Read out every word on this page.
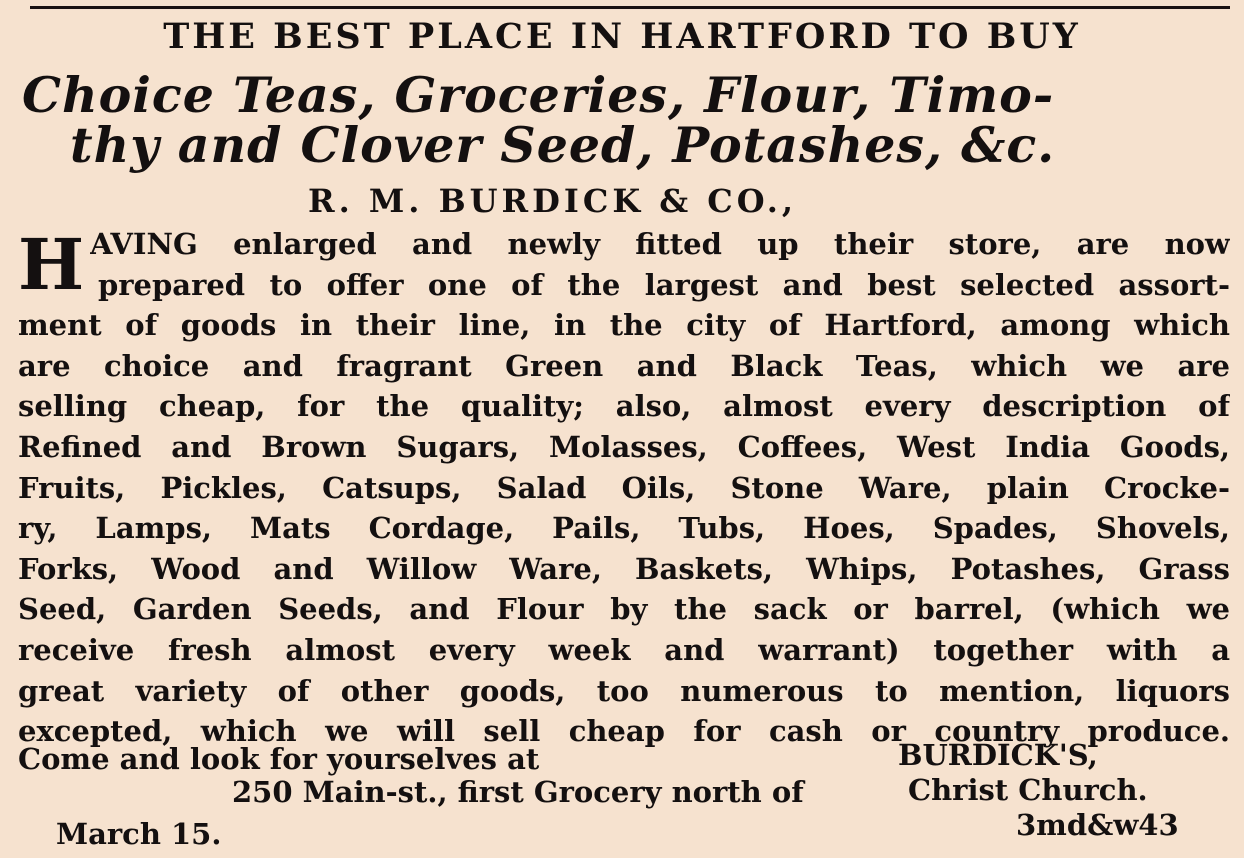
THE BEST PLACE IN HARTFORD TO BUY
Choice Teas, Groceries, Flour, Timo-
thy and Clover Seed, Potashes, &c.
R. M. BURDICK & CO.,
H AVING enlarged and newly fitted up their store, are now
prepared to offer one of the largest and best selected assort-
ment of goods in their line, in the city of Hartford, among which
are choice and fragrant Green and Black Teas, which we are
selling cheap, for the quality; also, almost every description of
Refined and Brown Sugars, Molasses, Coffees, West India Goods,
Fruits, Pickles, Catsups, Salad Oils, Stone Ware, plain Crocke-
ry, Lamps, Mats Cordage, Pails, Tubs, Hoes, Spades, Shovels,
Forks, Wood and Willow Ware, Baskets, Whips, Potashes, Grass
Seed, Garden Seeds, and Flour by the sack or barrel, (which we
receive fresh almost every week and warrant) together with a
great variety of other goods, too numerous to mention, liquors
excepted, which we will sell cheap for cash or country produce.
Come and look for yourselves at	BURDICK'S,
250 Main-st., first Grocery north of	Christ Church.
March 15.	3md&w43
